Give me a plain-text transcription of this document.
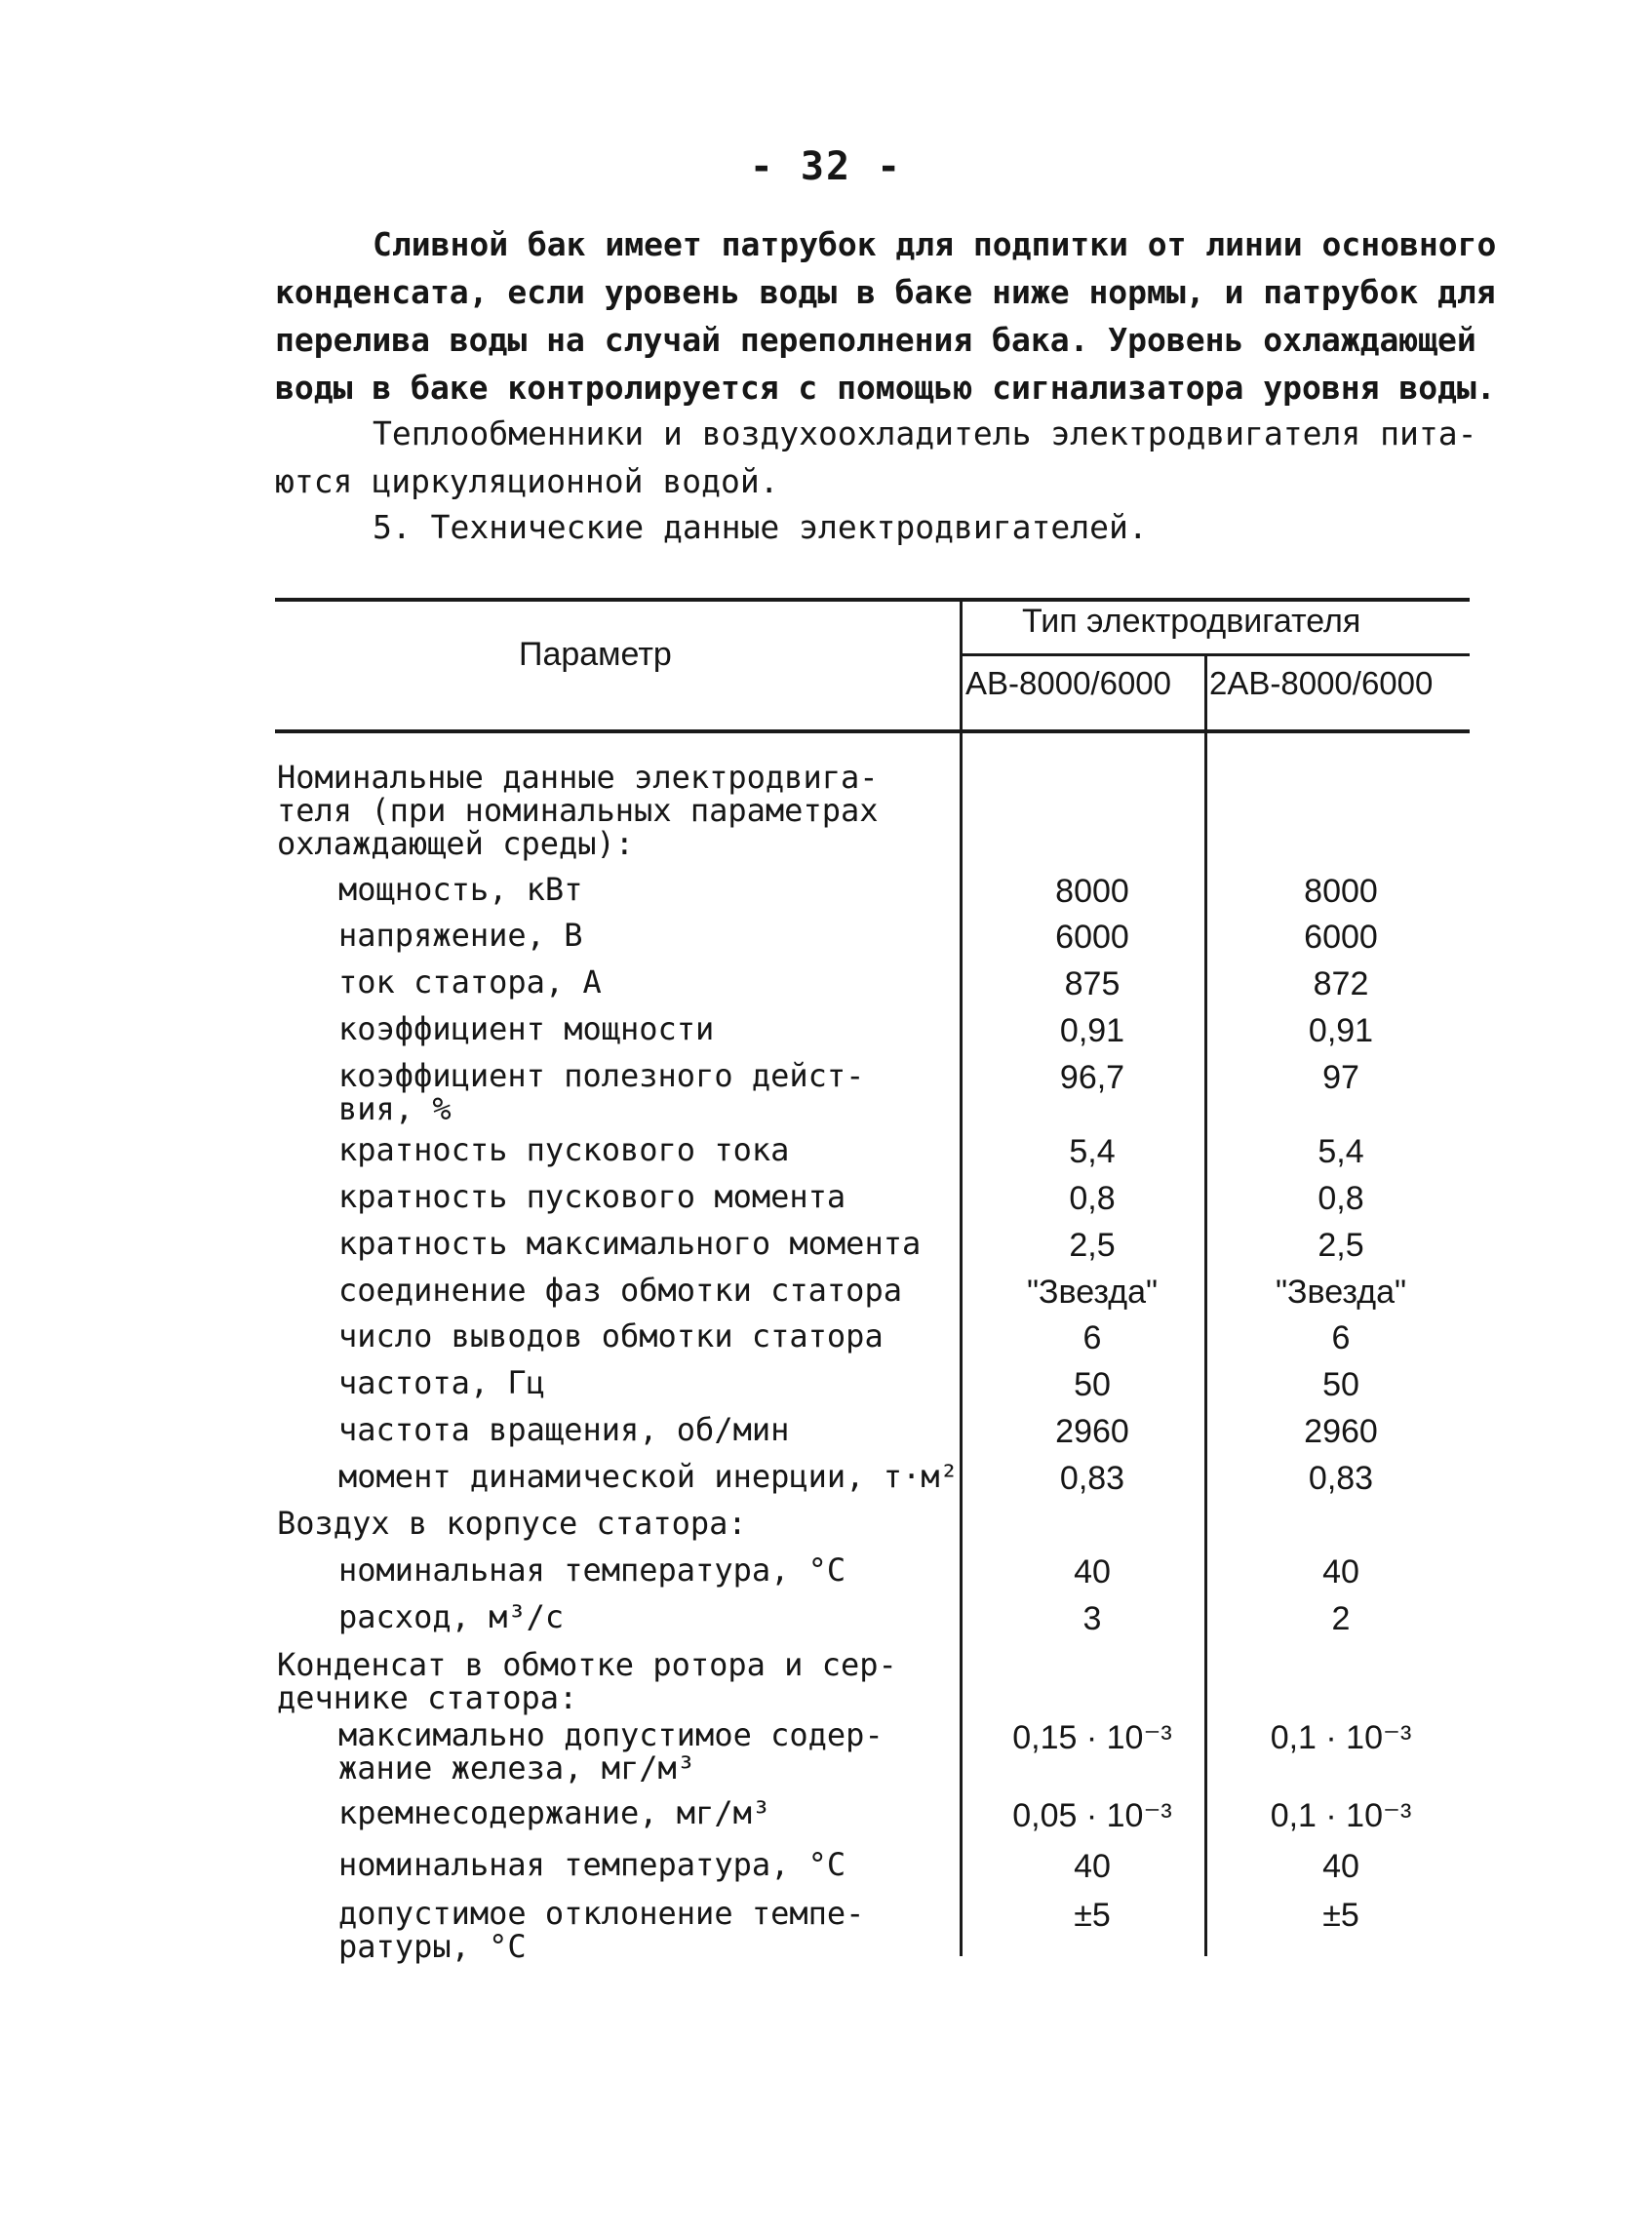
- 32 -
Сливной бак имеет патрубок для подпитки от линии основного
конденсата, если уровень воды в баке ниже нормы, и патрубок для
перелива воды на случай переполнения бака. Уровень охлаждающей
воды в баке контролируется с помощью сигнализатора уровня воды.
Теплообменники и воздухоохладитель электродвигателя пита-
ются циркуляционной водой.
5. Технические данные электродвигателей.
Параметр
Тип электродвигателя
АВ-8000/6000 2АВ-8000/6000
Номинальные данные электродвига-
теля (при номинальных параметрах
охлаждающей среды):
мощность, кВт	8000	8000
напряжение, В	6000	6000
ток статора, А	875	872
коэффициент мощности	0,91	0,91
коэффициент полезного дейст-
вия, %
96,7	97
кратность пускового тока	5,4	5,4
кратность пускового момента	0,8	0,8
кратность максимального момента	2,5	2,5
соединение фаз обмотки статора	"Звезда"	"Звезда"
число выводов обмотки статора	6	6
частота, Гц	50	50
частота вращения, об/мин	2960	2960
момент динамической инерции, т·м²	0,83	0,83
Воздух в корпусе статора:
номинальная температура, °С	40	40
расход, м³/с	3	2
Конденсат в обмотке ротора и сер-
дечнике статора:
максимально допустимое содер-
жание железа, мг/м³
0,15 · 10⁻³	0,1 · 10⁻³
кремнесодержание, мг/м³	0,05 · 10⁻³	0,1 · 10⁻³
номинальная температура, °С	40	40
допустимое отклонение темпе-
ратуры, °С
±5	±5
